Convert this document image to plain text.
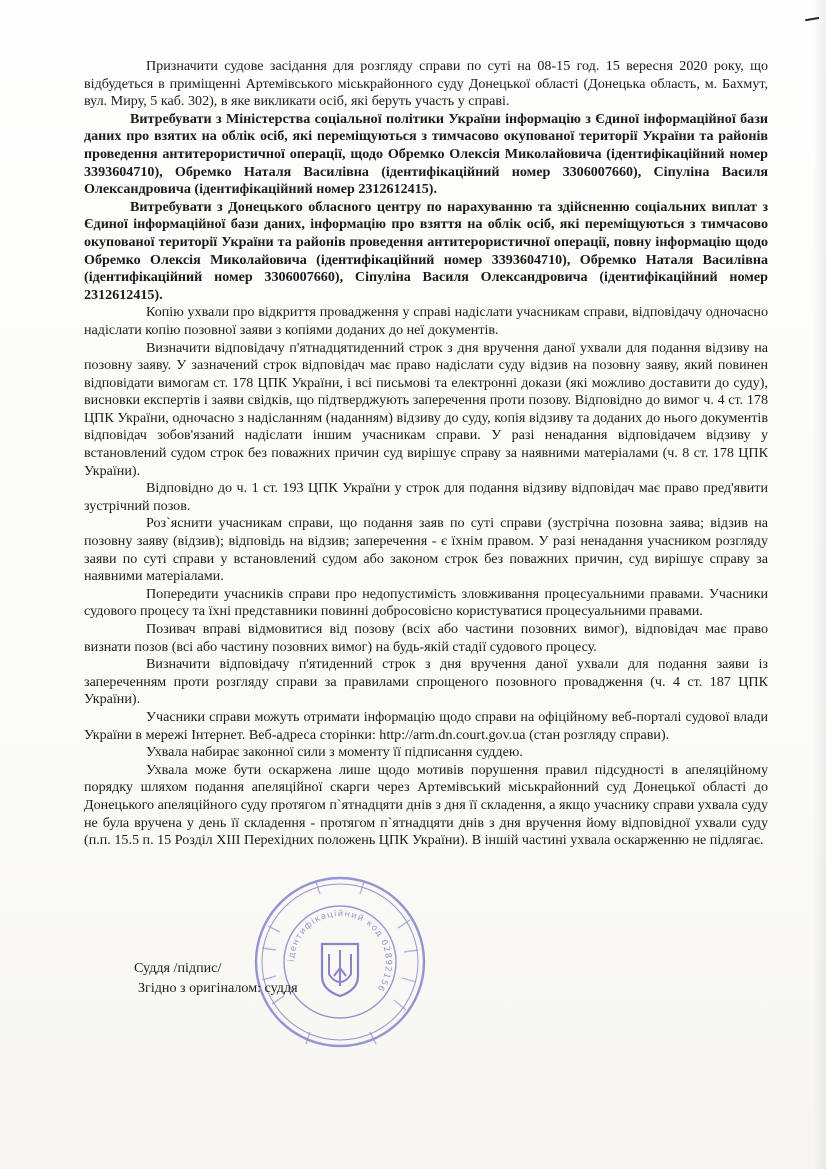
Призначити судове засідання для розгляду справи по суті на 08-15 год. 15 вересня 2020 року, що відбудеться в приміщенні Артемівського міськрайонного суду Донецької області (Донецька область, м. Бахмут, вул. Миру, 5 каб. 302), в яке викликати осіб, які беруть участь у справі.

Витребувати з Міністерства соціальної політики України інформацію з Єдиної інформаційної бази даних про взятих на облік осіб, які переміщуються з тимчасово окупованої території України та районів проведення антитерористичної операції, щодо Обремко Олексія Миколайовича (ідентифікаційний номер 3393604710), Обремко Наталя Василівна (ідентифікаційний номер 3306007660), Сіпуліна Василя Олександровича (ідентифікаційний номер 2312612415).

Витребувати з Донецького обласного центру по нарахуванню та здійсненню соціальних виплат з Єдиної інформаційної бази даних, інформацію про взяття на облік осіб, які переміщуються з тимчасово окупованої території України та районів проведення антитерористичної операції, повну інформацію щодо Обремко Олексія Миколайовича (ідентифікаційний номер 3393604710), Обремко Наталя Василівна (ідентифікаційний номер 3306007660), Сіпуліна Василя Олександровича (ідентифікаційний номер 2312612415).

Копію ухвали про відкриття провадження у справі надіслати учасникам справи, відповідачу одночасно надіслати копію позовної заяви з копіями доданих до неї документів.

Визначити відповідачу п'ятнадцятиденний строк з дня вручення даної ухвали для подання відзиву на позовну заяву. У зазначений строк відповідач має право надіслати суду відзив на позовну заяву, який повинен відповідати вимогам ст. 178 ЦПК України, і всі письмові та електронні докази (які можливо доставити до суду), висновки експертів і заяви свідків, що підтверджують заперечення проти позову. Відповідно до вимог ч. 4 ст. 178 ЦПК України, одночасно з надісланням (наданням) відзиву до суду, копія відзиву та доданих до нього документів відповідач зобов'язаний надіслати іншим учасникам справи. У разі ненадання відповідачем відзиву у встановлений судом строк без поважних причин суд вирішує справу за наявними матеріалами (ч. 8 ст. 178 ЦПК України).

Відповідно до ч. 1 ст. 193 ЦПК України у строк для подання відзиву відповідач має право пред'явити зустрічний позов.

Роз`яснити учасникам справи, що подання заяв по суті справи (зустрічна позовна заява; відзив на позовну заяву (відзив); відповідь на відзив; заперечення - є їхнім правом. У разі ненадання учасником розгляду заяви по суті справи у встановлений судом або законом строк без поважних причин, суд вирішує справу за наявними матеріалами.

Попередити учасників справи про недопустимість зловживання процесуальними правами. Учасники судового процесу та їхні представники повинні добросовісно користуватися процесуальними правами.

Позивач вправі відмовитися від позову (всіх або частини позовних вимог), відповідач має право визнати позов (всі або частину позовних вимог) на будь-якій стадії судового процесу.

Визначити відповідачу п'ятиденний строк з дня вручення даної ухвали для подання заяви із запереченням проти розгляду справи за правилами спрощеного позовного провадження (ч. 4 ст. 187 ЦПК України).

Учасники справи можуть отримати інформацію щодо справи на офіційному веб-порталі судової влади України в мережі Інтернет. Веб-адреса сторінки: http://arm.dn.court.gov.ua (стан розгляду справи).

Ухвала набирає законної сили з моменту її підписання суддею.

Ухвала може бути оскаржена лише щодо мотивів порушення правил підсудності в апеляційному порядку шляхом подання апеляційної скарги через Артемівський міськрайонний суд Донецької області до Донецького апеляційного суду протягом п`ятнадцяти днів з дня її складення, а якщо учаснику справи ухвала суду не була вручена у день її складення - протягом п`ятнадцяти днів з дня вручення йому відповідної ухвали суду (п.п. 15.5 п. 15 Розділ XIII Перехідних положень ЦПК України). В іншій частині ухвала оскарженню не підлягає.

ідентифікаційний код 02892156
Суддя /підпис/
Згідно з оригіналом: суддя
